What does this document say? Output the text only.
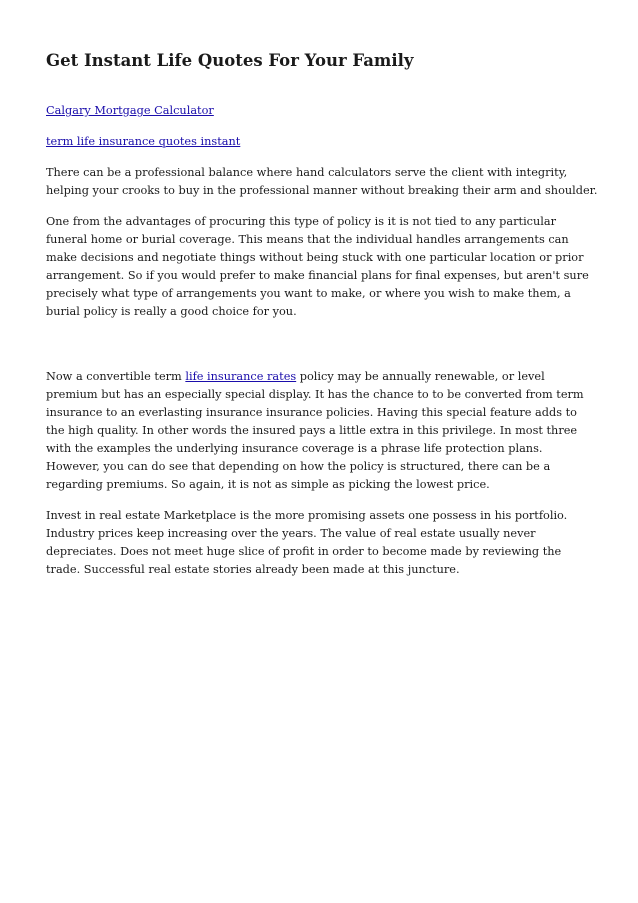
Get Instant Life Quotes For Your Family
Calgary Mortgage Calculator
term life insurance quotes instant

There can be a professional balance where hand calculators serve the client with integrity, helping your crooks to buy in the professional manner without breaking their arm and shoulder.

One from the advantages of procuring this type of policy is it is not tied to any particular funeral home or burial coverage. This means that the individual handles arrangements can make decisions and negotiate things without being stuck with one particular location or prior arrangement. So if you would prefer to make financial plans for final expenses, but aren't sure precisely what type of arrangements you want to make, or where you wish to make them, a burial policy is really a good choice for you.

Now a convertible term life insurance rates policy may be annually renewable, or level premium but has an especially special display. It has the chance to to be converted from term insurance to an everlasting insurance insurance policies. Having this special feature adds to the high quality. In other words the insured pays a little extra in this privilege. In most three with the examples the underlying insurance coverage is a phrase life protection plans. However, you can do see that depending on how the policy is structured, there can be a regarding premiums. So again, it is not as simple as picking the lowest price.

Invest in real estate Marketplace is the more promising assets one possess in his portfolio. Industry prices keep increasing over the years. The value of real estate usually never depreciates. Does not meet huge slice of profit in order to become made by reviewing the trade. Successful real estate stories already been made at this juncture.
